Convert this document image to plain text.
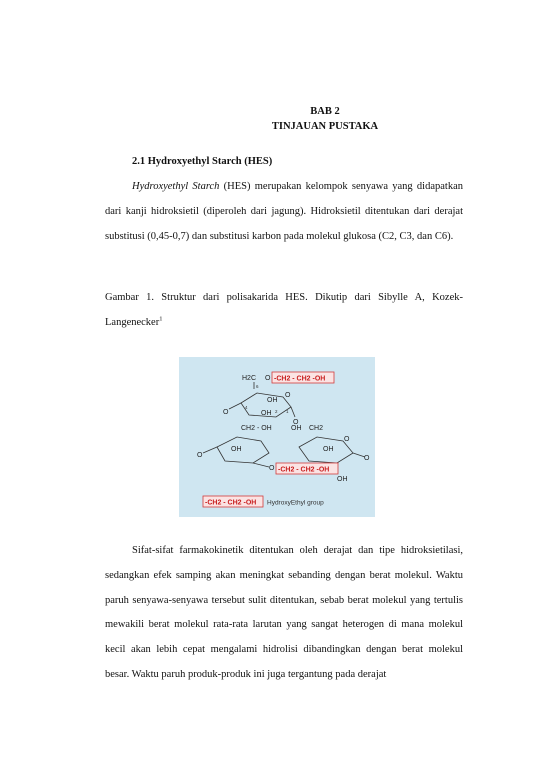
BAB 2
TINJAUAN PUSTAKA
2.1 Hydroxyethyl Starch (HES)

Hydroxyethyl Starch (HES) merupakan kelompok senyawa yang didapatkan dari kanji hidroksietil (diperoleh dari jagung). Hidroksietil ditentukan dari derajat substitusi (0,45-0,7) dan substitusi karbon pada molekul glukosa (C2, C3, dan C6).

Gambar 1. Struktur dari polisakarida HES. Dikutip dari Sibylle A, Kozek-Langenecker$^1$

H2C O -CH2 - CH2 -OH
6
O
OH
OH
4
2 1
O
O
CH2 - OH	OH CH2
OH
O
O
O
OH
O
-CH2 - CH2 -OH
OH
-CH2 - CH2 -OH HydroxyEthyl group

Sifat-sifat farmakokinetik ditentukan oleh derajat dan tipe hidroksietilasi, sedangkan efek samping akan meningkat sebanding dengan berat molekul. Waktu paruh senyawa-senyawa tersebut sulit ditentukan, sebab berat molekul yang tertulis mewakili berat molekul rata-rata larutan yang sangat heterogen di mana molekul kecil akan lebih cepat mengalami hidrolisi dibandingkan dengan berat molekul besar. Waktu paruh produk-produk ini juga tergantung pada derajat
